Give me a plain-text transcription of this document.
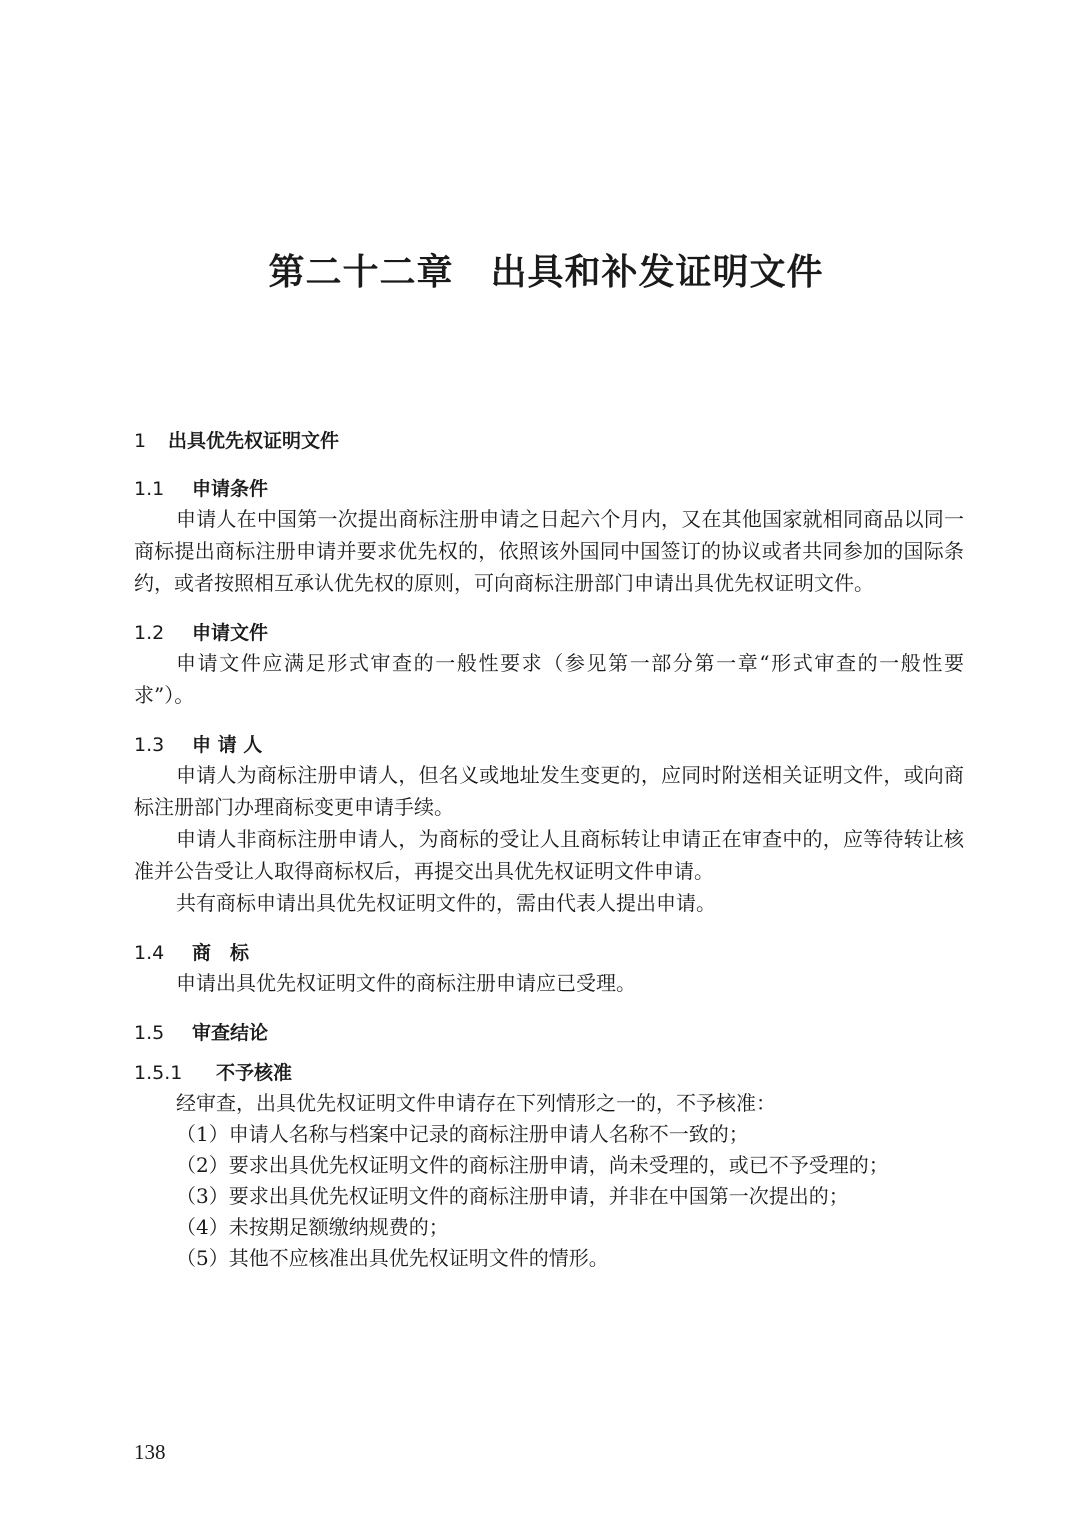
第二十二章　出具和补发证明文件
1 出具优先权证明文件
1.1 申请条件

申请人在中国第一次提出商标注册申请之日起六个月内，又在其他国家就相同商品以同一商标提出商标注册申请并要求优先权的，依照该外国同中国签订的协议或者共同参加的国际条约，或者按照相互承认优先权的原则，可向商标注册部门申请出具优先权证明文件。

1.2 申请文件

申请文件应满足形式审查的一般性要求（参见第一部分第一章“形式审查的一般性要求”）。

1.3 申 请 人

申请人为商标注册申请人，但名义或地址发生变更的，应同时附送相关证明文件，或向商标注册部门办理商标变更申请手续。

申请人非商标注册申请人，为商标的受让人且商标转让申请正在审查中的，应等待转让核准并公告受让人取得商标权后，再提交出具优先权证明文件申请。

共有商标申请出具优先权证明文件的，需由代表人提出申请。

1.4 商　标

申请出具优先权证明文件的商标注册申请应已受理。

1.5 审查结论
1.5.1 不予核准

经审查，出具优先权证明文件申请存在下列情形之一的，不予核准：

（1）申请人名称与档案中记录的商标注册申请人名称不一致的；
（2）要求出具优先权证明文件的商标注册申请，尚未受理的，或已不予受理的；
（3）要求出具优先权证明文件的商标注册申请，并非在中国第一次提出的；
（4）未按期足额缴纳规费的；
（5）其他不应核准出具优先权证明文件的情形。
138
